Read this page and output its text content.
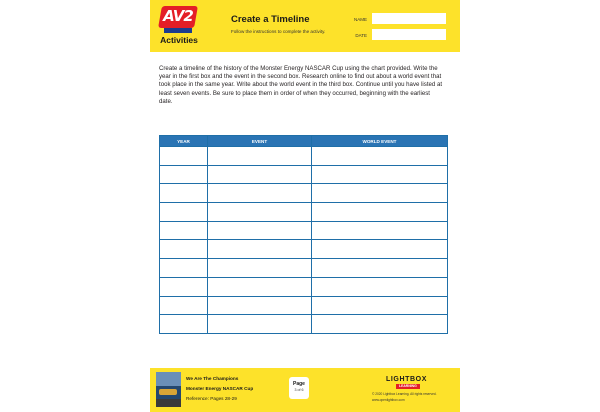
AV2
Activities
Create a Timeline
Follow the instructions to complete the activity.
NAME
DATE
Create a timeline of the history of the Monster Energy NASCAR Cup using the chart provided. Write the year in the first box and the event in the second box. Research online to find out about a world event that took place in the same year. Write about the world event in the third box. Continue until you have listed at least seven events. Be sure to place them in order of when they occurred, beginning with the earliest date.
YEAR	EVENT	WORLD EVENT

We Are The Champions
Monster Energy NASCAR Cup
Reference: Pages 28-29
Page
3 of 6
LIGHTBOX
LEARNING
© 2020 Lightbox Learning. All rights reserved.
www.openlightbox.com
